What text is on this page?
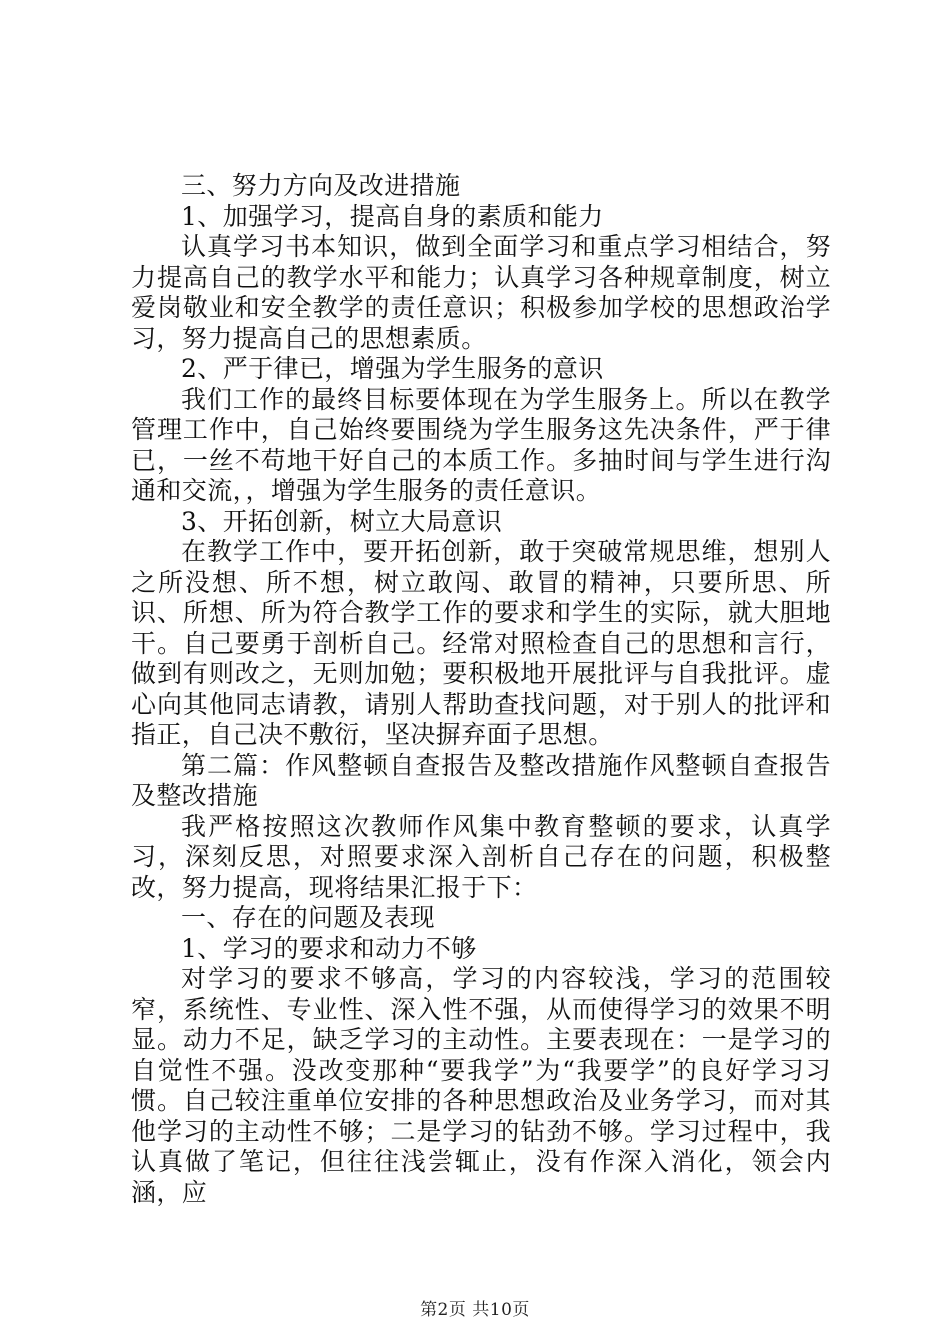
三、努力方向及改进措施

1、加强学习，提高自身的素质和能力

认真学习书本知识，做到全面学习和重点学习相结合，努力提高自己的教学水平和能力；认真学习各种规章制度，树立爱岗敬业和安全教学的责任意识；积极参加学校的思想政治学习，努力提高自己的思想素质。

2、严于律已，增强为学生服务的意识

我们工作的最终目标要体现在为学生服务上。所以在教学管理工作中，自己始终要围绕为学生服务这先决条件，严于律已，一丝不苟地干好自己的本质工作。多抽时间与学生进行沟通和交流，，增强为学生服务的责任意识。

3、开拓创新，树立大局意识

在教学工作中，要开拓创新，敢于突破常规思维，想别人之所没想、所不想，树立敢闯、敢冒的精神，只要所思、所识、所想、所为符合教学工作的要求和学生的实际，就大胆地干。自己要勇于剖析自己。经常对照检查自己的思想和言行，做到有则改之，无则加勉；要积极地开展批评与自我批评。虚心向其他同志请教，请别人帮助查找问题，对于别人的批评和指正，自己决不敷衍，坚决摒弃面子思想。

第二篇：作风整顿自查报告及整改措施作风整顿自查报告及整改措施

我严格按照这次教师作风集中教育整顿的要求，认真学习，深刻反思，对照要求深入剖析自己存在的问题，积极整改，努力提高，现将结果汇报于下：

一、存在的问题及表现

1、学习的要求和动力不够

对学习的要求不够高，学习的内容较浅，学习的范围较窄，系统性、专业性、深入性不强，从而使得学习的效果不明显。动力不足，缺乏学习的主动性。主要表现在：一是学习的自觉性不强。没改变那种“要我学”为“我要学”的良好学习习惯。自己较注重单位安排的各种思想政治及业务学习，而对其他学习的主动性不够；二是学习的钻劲不够。学习过程中，我认真做了笔记，但往往浅尝辄止，没有作深入消化，领会内涵，应

第2页 共10页
